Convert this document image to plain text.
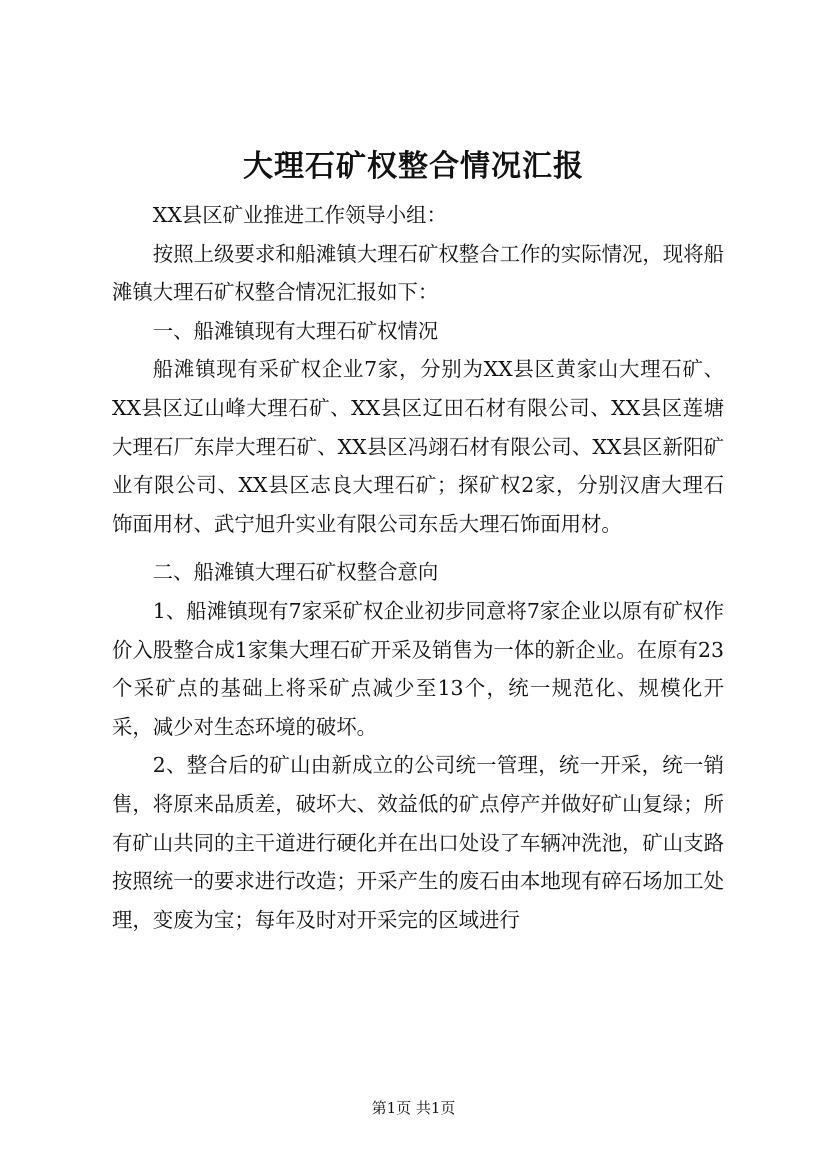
大理石矿权整合情况汇报

XX县区矿业推进工作领导小组：

按照上级要求和船滩镇大理石矿权整合工作的实际情况，现将船滩镇大理石矿权整合情况汇报如下：

一、船滩镇现有大理石矿权情况

船滩镇现有采矿权企业7家，分别为XX县区黄家山大理石矿、XX县区辽山峰大理石矿、XX县区辽田石材有限公司、XX县区莲塘大理石厂东岸大理石矿、XX县区冯翊石材有限公司、XX县区新阳矿业有限公司、XX县区志良大理石矿；探矿权2家，分别汉唐大理石饰面用材、武宁旭升实业有限公司东岳大理石饰面用材。

二、船滩镇大理石矿权整合意向

1、船滩镇现有7家采矿权企业初步同意将7家企业以原有矿权作价入股整合成1家集大理石矿开采及销售为一体的新企业。在原有23个采矿点的基础上将采矿点减少至13个，统一规范化、规模化开采，减少对生态环境的破坏。

2、整合后的矿山由新成立的公司统一管理，统一开采，统一销售，将原来品质差，破坏大、效益低的矿点停产并做好矿山复绿；所有矿山共同的主干道进行硬化并在出口处设了车辆冲洗池，矿山支路按照统一的要求进行改造；开采产生的废石由本地现有碎石场加工处理，变废为宝；每年及时对开采完的区域进行

第1页 共1页
